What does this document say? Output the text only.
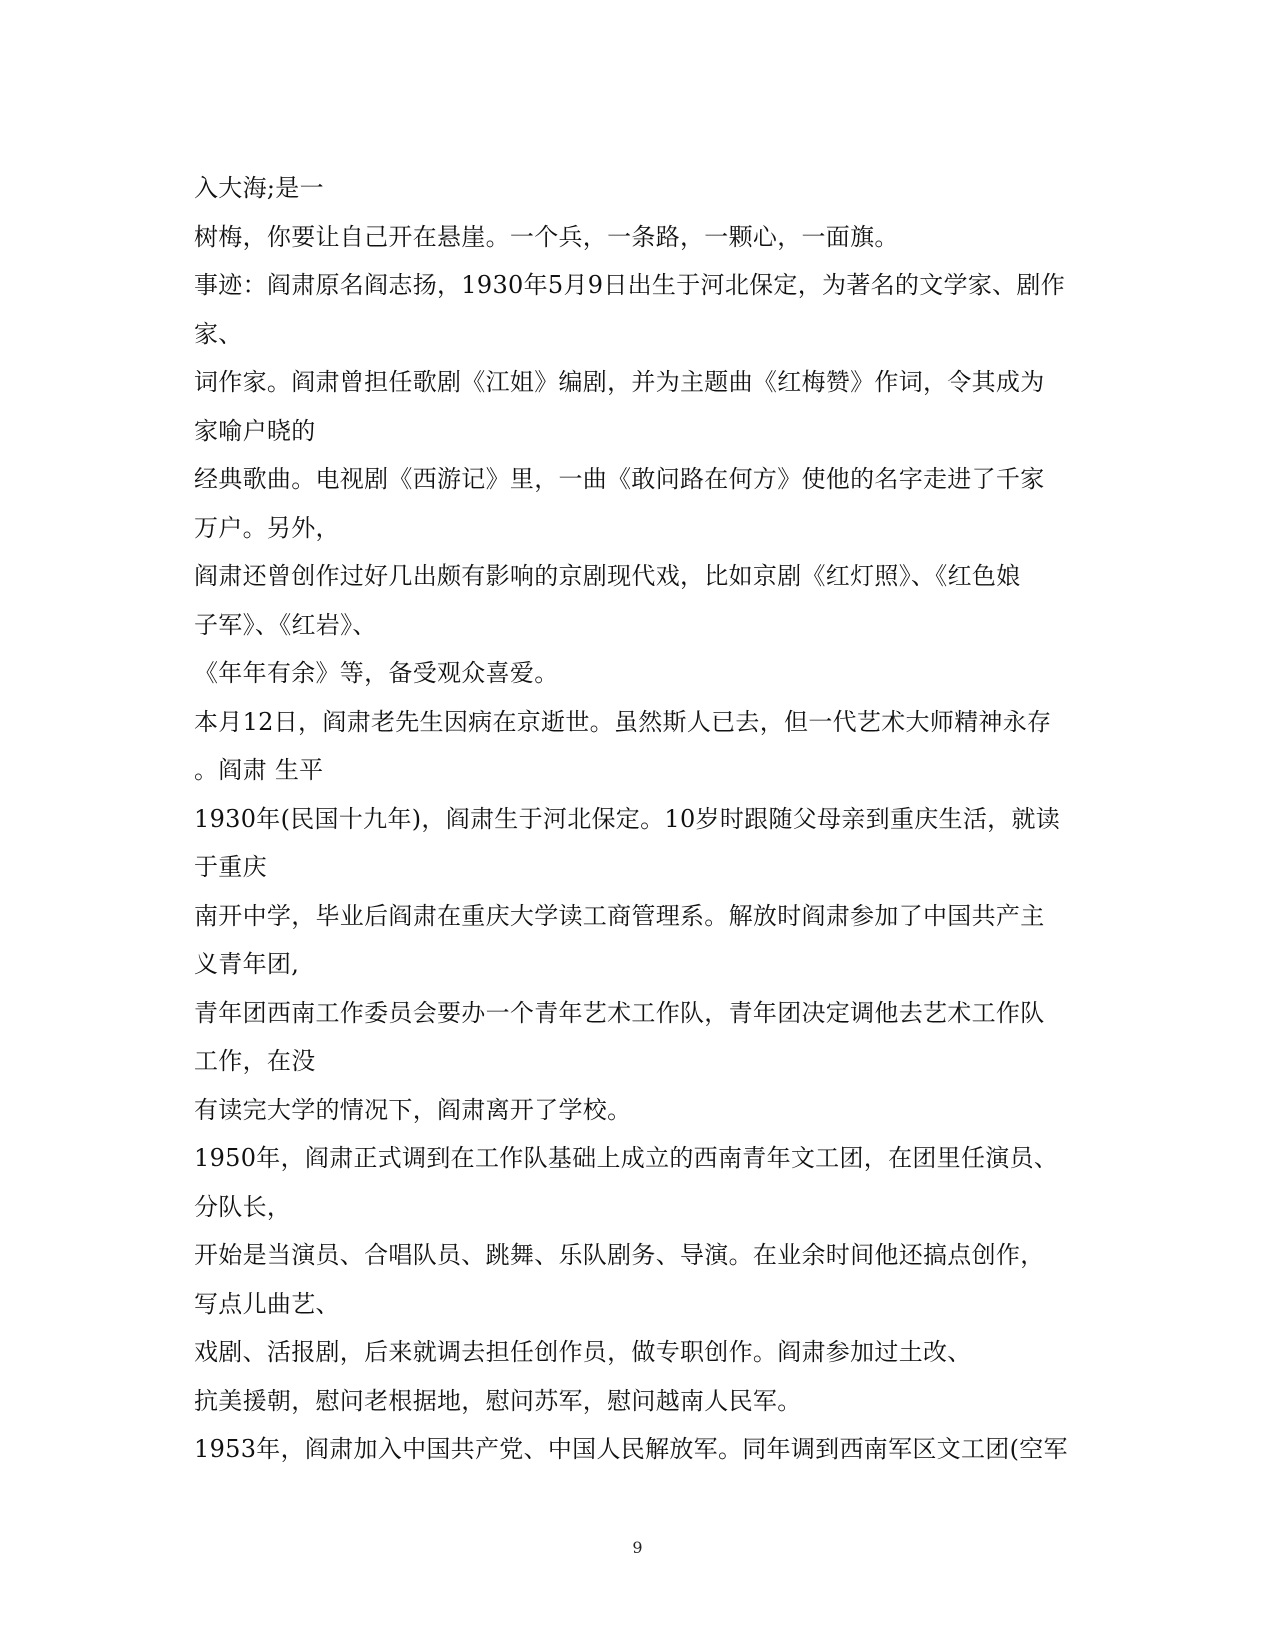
入大海;是一
树梅，你要让自己开在悬崖。一个兵，一条路，一颗心，一面旗。
事迹：阎肃原名阎志扬，1930年5月9日出生于河北保定，为著名的文学家、剧作
家、
词作家。阎肃曾担任歌剧《江姐》编剧，并为主题曲《红梅赞》作词，令其成为
家喻户晓的
经典歌曲。电视剧《西游记》里，一曲《敢问路在何方》使他的名字走进了千家
万户。另外，
阎肃还曾创作过好几出颇有影响的京剧现代戏，比如京剧《红灯照》、《红色娘
子军》、《红岩》、
《年年有余》等，备受观众喜爱。
本月12日，阎肃老先生因病在京逝世。虽然斯人已去，但一代艺术大师精神永存
。阎肃 生平
1930年(民国十九年)，阎肃生于河北保定。10岁时跟随父母亲到重庆生活，就读
于重庆
南开中学，毕业后阎肃在重庆大学读工商管理系。解放时阎肃参加了中国共产主
义青年团,
青年团西南工作委员会要办一个青年艺术工作队，青年团决定调他去艺术工作队
工作，在没
有读完大学的情况下，阎肃离开了学校。
1950年，阎肃正式调到在工作队基础上成立的西南青年文工团，在团里任演员、
分队长，
开始是当演员、合唱队员、跳舞、乐队剧务、导演。在业余时间他还搞点创作，
写点儿曲艺、
戏剧、活报剧，后来就调去担任创作员，做专职创作。阎肃参加过土改、
抗美援朝，慰问老根据地，慰问苏军，慰问越南人民军。
1953年，阎肃加入中国共产党、中国人民解放军。同年调到西南军区文工团(空军
9
